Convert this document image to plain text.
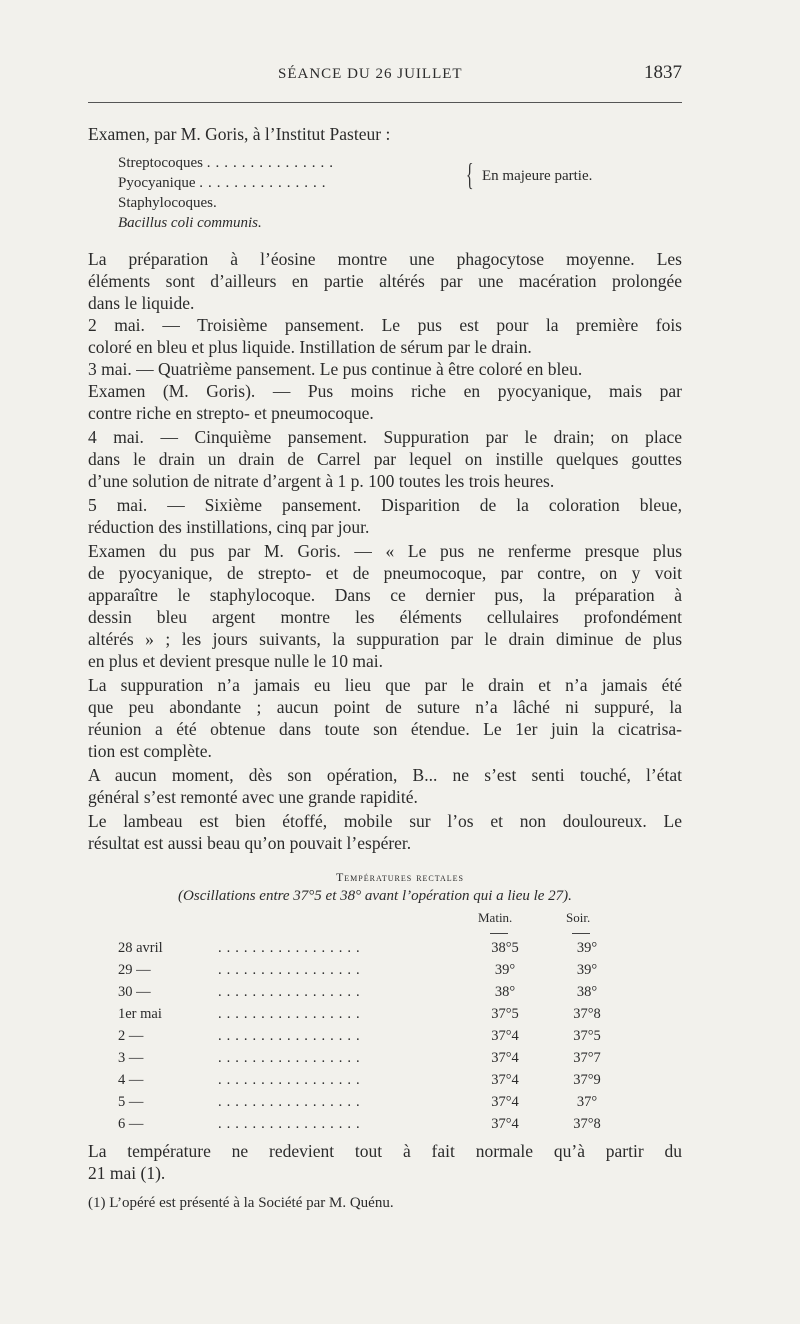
SÉANCE DU 26 JUILLET	1837
Examen, par M. Goris, à l’Institut Pasteur :
Streptocoques ...............
Pyocyanique ...............
Staphylocoques.
Bacillus coli communis.
{ En majeure partie.
La préparation à l’éosine montre une phagocytose moyenne. Les
éléments sont d’ailleurs en partie altérés par une macération prolongée
dans le liquide.
2 mai. — Troisième pansement. Le pus est pour la première fois
coloré en bleu et plus liquide. Instillation de sérum par le drain.
3 mai. — Quatrième pansement. Le pus continue à être coloré en bleu.
Examen (M. Goris). — Pus moins riche en pyocyanique, mais par
contre riche en strepto- et pneumocoque.
4 mai. — Cinquième pansement. Suppuration par le drain; on place
dans le drain un drain de Carrel par lequel on instille quelques gouttes
d’une solution de nitrate d’argent à 1 p. 100 toutes les trois heures.
5 mai. — Sixième pansement. Disparition de la coloration bleue,
réduction des instillations, cinq par jour.
Examen du pus par M. Goris. — « Le pus ne renferme presque plus
de pyocyanique, de strepto- et de pneumocoque, par contre, on y voit
apparaître le staphylocoque. Dans ce dernier pus, la préparation à
dessin bleu argent montre les éléments cellulaires profondément
altérés » ; les jours suivants, la suppuration par le drain diminue de plus
en plus et devient presque nulle le 10 mai.
La suppuration n’a jamais eu lieu que par le drain et n’a jamais été
que peu abondante ; aucun point de suture n’a lâché ni suppuré, la
réunion a été obtenue dans toute son étendue. Le 1er juin la cicatrisa-
tion est complète.
A aucun moment, dès son opération, B... ne s’est senti touché, l’état
général s’est remonté avec une grande rapidité.
Le lambeau est bien étoffé, mobile sur l’os et non douloureux. Le
résultat est aussi beau qu’on pouvait l’espérer.
Températures rectales
(Oscillations entre 37°5 et 38° avant l’opération qui a lieu le 27).
Matin.	Soir.
28 avril	.................	38°5	39°
29 —	.................	39°	39°
30 —	.................	38°	38°
1er mai	.................	37°5	37°8
2 —	.................	37°4	37°5
3 —	.................	37°4	37°7
4 —	.................	37°4	37°9
5 —	.................	37°4	37°
6 —	.................	37°4	37°8
La température ne redevient tout à fait normale qu’à partir du
21 mai (1).
(1) L’opéré est présenté à la Société par M. Quénu.
